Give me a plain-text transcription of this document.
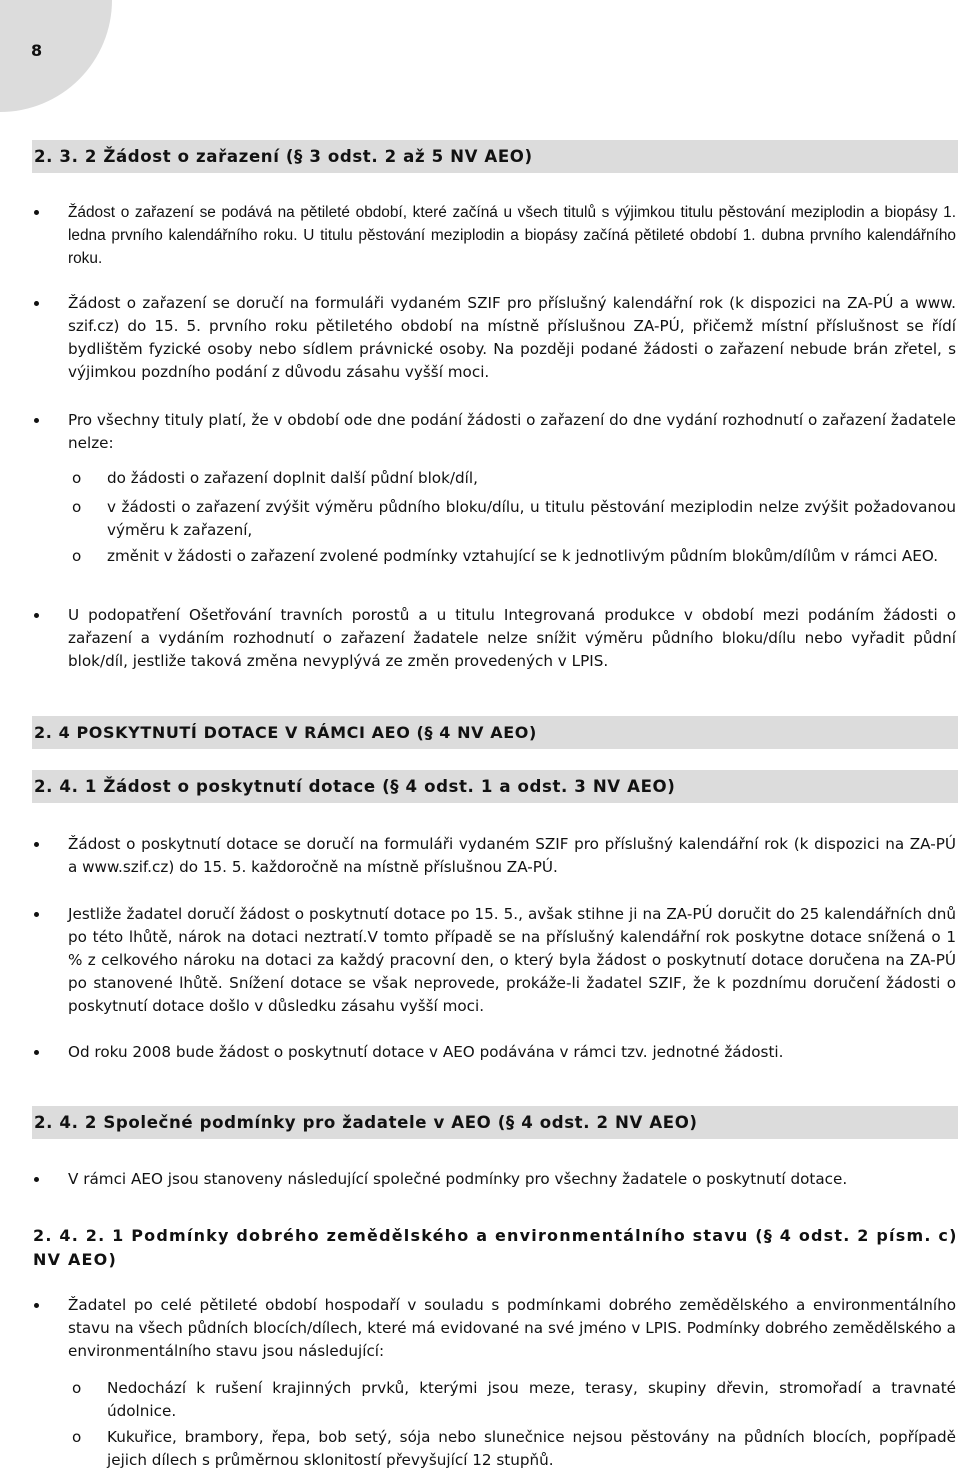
8
2. 3. 2 Žádost o zařazení (§ 3 odst. 2 až 5 NV AEO)
Žádost o zařazení se podává na pětileté období, které začíná u všech titulů s výjimkou titulu pěstování meziplodin a biopásy 1. ledna prvního kalendářního roku. U titulu pěstování meziplodin a biopásy začíná pětileté období 1. dubna prvního kalendářního roku.
Žádost o zařazení se doručí na formuláři vydaném SZIF pro příslušný kalendářní rok (k dispozici na ZA-PÚ a www. szif.cz) do 15. 5. prvního roku pětiletého období na místně příslušnou ZA-PÚ, přičemž místní příslušnost se řídí bydlištěm fyzické osoby nebo sídlem právnické osoby. Na později podané žádosti o zařazení nebude brán zřetel, s výjimkou pozdního podání z důvodu zásahu vyšší moci.
Pro všechny tituly platí, že v období ode dne podání žádosti o zařazení do dne vydání rozhodnutí o zařazení žadatele nelze:
o do žádosti o zařazení doplnit další půdní blok/díl,
o v žádosti o zařazení zvýšit výměru půdního bloku/dílu, u titulu pěstování meziplodin nelze zvýšit požadovanou výměru k zařazení,
o změnit v žádosti o zařazení zvolené podmínky vztahující se k jednotlivým půdním blokům/dílům v rámci AEO.
U podopatření Ošetřování travních porostů a u titulu Integrovaná produkce v období mezi podáním žádosti o zařazení a vydáním rozhodnutí o zařazení žadatele nelze snížit výměru půdního bloku/dílu nebo vyřadit půdní blok/díl, jestliže taková změna nevyplývá ze změn provedených v LPIS.
2. 4 POSKYTNUTÍ DOTACE V RÁMCI AEO (§ 4 NV AEO)
2. 4. 1 Žádost o poskytnutí dotace (§ 4 odst. 1 a odst. 3 NV AEO)
Žádost o poskytnutí dotace se doručí na formuláři vydaném SZIF pro příslušný kalendářní rok (k dispozici na ZA-PÚ a www.szif.cz) do 15. 5. každoročně na místně příslušnou ZA-PÚ.
Jestliže žadatel doručí žádost o poskytnutí dotace po 15. 5., avšak stihne ji na ZA-PÚ doručit do 25 kalendářních dnů po této lhůtě, nárok na dotaci neztratí.V tomto případě se na příslušný kalendářní rok poskytne dotace snížená o 1 % z celkového nároku na dotaci za každý pracovní den, o který byla žádost o poskytnutí dotace doručena na ZA-PÚ po stanovené lhůtě. Snížení dotace se však neprovede, prokáže-li žadatel SZIF, že k pozdnímu doručení žádosti o poskytnutí dotace došlo v důsledku zásahu vyšší moci.
Od roku 2008 bude žádost o poskytnutí dotace v AEO podávána v rámci tzv. jednotné žádosti.
2. 4. 2 Společné podmínky pro žadatele v AEO (§ 4 odst. 2 NV AEO)
V rámci AEO jsou stanoveny následující společné podmínky pro všechny žadatele o poskytnutí dotace.
2. 4. 2. 1 Podmínky dobrého zemědělského a environmentálního stavu (§ 4 odst. 2 písm. c) NV AEO)
Žadatel po celé pětileté období hospodaří v souladu s podmínkami dobrého zemědělského a environmentálního stavu na všech půdních blocích/dílech, které má evidované na své jméno v LPIS. Podmínky dobrého zemědělského a environmentálního stavu jsou následující:
o Nedochází k rušení krajinných prvků, kterými jsou meze, terasy, skupiny dřevin, stromořadí a travnaté údolnice.
o Kukuřice, brambory, řepa, bob setý, sója nebo slunečnice nejsou pěstovány na půdních blocích, popřípadě jejich dílech s průměrnou sklonitostí převyšující 12 stupňů.
